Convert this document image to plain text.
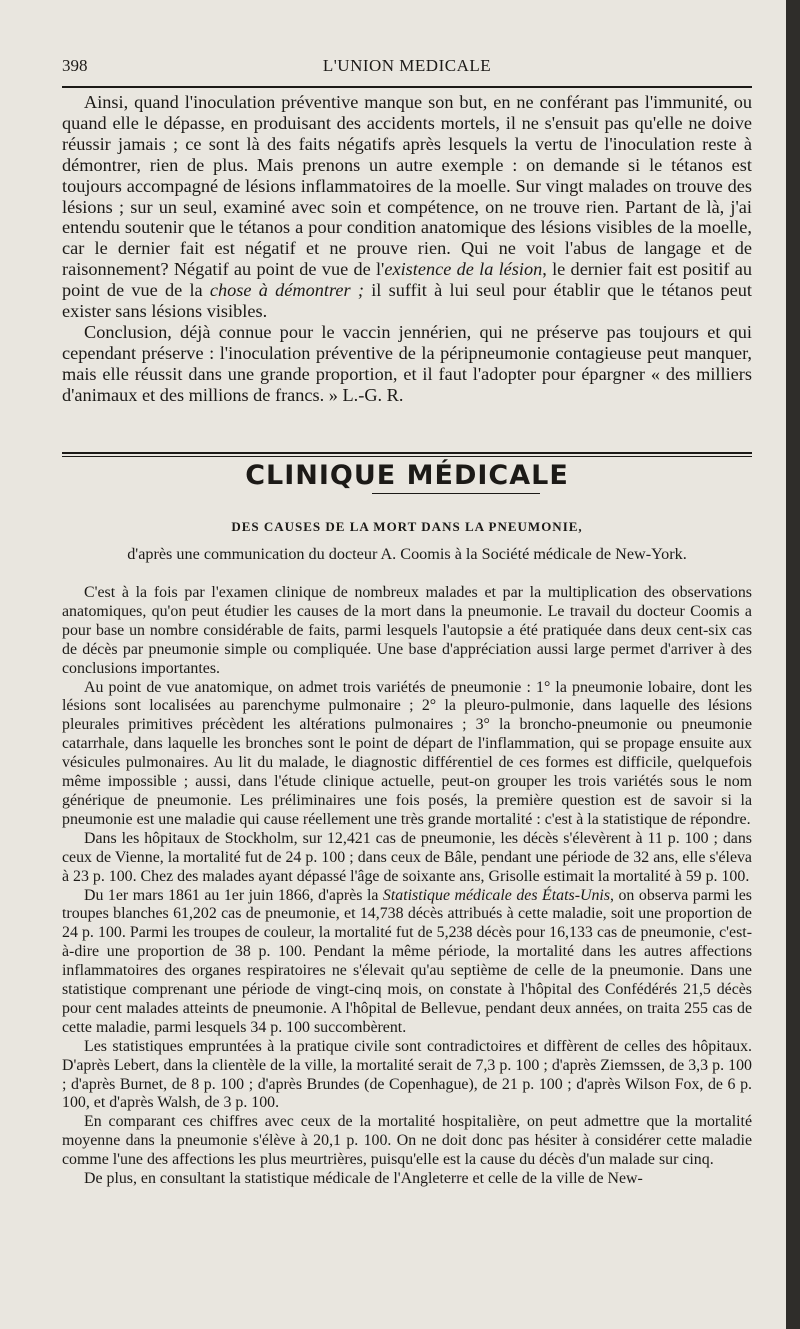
398	L'UNION MEDICALE

Ainsi, quand l'inoculation préventive manque son but, en ne conférant pas l'immunité, ou quand elle le dépasse, en produisant des accidents mortels, il ne s'ensuit pas qu'elle ne doive réussir jamais ; ce sont là des faits négatifs après lesquels la vertu de l'inoculation reste à démontrer, rien de plus. Mais prenons un autre exemple : on demande si le tétanos est toujours accompagné de lésions inflammatoires de la moelle. Sur vingt malades on trouve des lésions ; sur un seul, examiné avec soin et compétence, on ne trouve rien. Partant de là, j'ai entendu soutenir que le tétanos a pour condition anatomique des lésions visibles de la moelle, car le dernier fait est négatif et ne prouve rien. Qui ne voit l'abus de langage et de raisonnement? Négatif au point de vue de l'existence de la lésion, le dernier fait est positif au point de vue de la chose à démontrer ; il suffit à lui seul pour établir que le tétanos peut exister sans lésions visibles.

Conclusion, déjà connue pour le vaccin jennérien, qui ne préserve pas toujours et qui cependant préserve : l'inoculation préventive de la péripneumonie contagieuse peut manquer, mais elle réussit dans une grande proportion, et il faut l'adopter pour épargner « des milliers d'animaux et des millions de francs. » L.-G. R.

CLINIQUE MÉDICALE
DES CAUSES DE LA MORT DANS LA PNEUMONIE,
d'après une communication du docteur A. Coomis à la Société médicale de New-York.

C'est à la fois par l'examen clinique de nombreux malades et par la multiplication des observations anatomiques, qu'on peut étudier les causes de la mort dans la pneumonie. Le travail du docteur Coomis a pour base un nombre considérable de faits, parmi lesquels l'autopsie a été pratiquée dans deux cent-six cas de décès par pneumonie simple ou compliquée. Une base d'appréciation aussi large permet d'arriver à des conclusions importantes.

Au point de vue anatomique, on admet trois variétés de pneumonie : 1° la pneumonie lobaire, dont les lésions sont localisées au parenchyme pulmonaire ; 2° la pleuro-pulmonie, dans laquelle des lésions pleurales primitives précèdent les altérations pulmonaires ; 3° la broncho-pneumonie ou pneumonie catarrhale, dans laquelle les bronches sont le point de départ de l'inflammation, qui se propage ensuite aux vésicules pulmonaires. Au lit du malade, le diagnostic différentiel de ces formes est difficile, quelquefois même impossible ; aussi, dans l'étude clinique actuelle, peut-on grouper les trois variétés sous le nom générique de pneumonie. Les préliminaires une fois posés, la première question est de savoir si la pneumonie est une maladie qui cause réellement une très grande mortalité : c'est à la statistique de répondre.

Dans les hôpitaux de Stockholm, sur 12,421 cas de pneumonie, les décès s'élevèrent à 11 p. 100 ; dans ceux de Vienne, la mortalité fut de 24 p. 100 ; dans ceux de Bâle, pendant une période de 32 ans, elle s'éleva à 23 p. 100. Chez des malades ayant dépassé l'âge de soixante ans, Grisolle estimait la mortalité à 59 p. 100.

Du 1er mars 1861 au 1er juin 1866, d'après la Statistique médicale des États-Unis, on observa parmi les troupes blanches 61,202 cas de pneumonie, et 14,738 décès attribués à cette maladie, soit une proportion de 24 p. 100. Parmi les troupes de couleur, la mortalité fut de 5,238 décès pour 16,133 cas de pneumonie, c'est-à-dire une proportion de 38 p. 100. Pendant la même période, la mortalité dans les autres affections inflammatoires des organes respiratoires ne s'élevait qu'au septième de celle de la pneumonie. Dans une statistique comprenant une période de vingt-cinq mois, on constate à l'hôpital des Confédérés 21,5 décès pour cent malades atteints de pneumonie. A l'hôpital de Bellevue, pendant deux années, on traita 255 cas de cette maladie, parmi lesquels 34 p. 100 succombèrent.

Les statistiques empruntées à la pratique civile sont contradictoires et diffèrent de celles des hôpitaux. D'après Lebert, dans la clientèle de la ville, la mortalité serait de 7,3 p. 100 ; d'après Ziemssen, de 3,3 p. 100 ; d'après Burnet, de 8 p. 100 ; d'après Brundes (de Copenhague), de 21 p. 100 ; d'après Wilson Fox, de 6 p. 100, et d'après Walsh, de 3 p. 100.

En comparant ces chiffres avec ceux de la mortalité hospitalière, on peut admettre que la mortalité moyenne dans la pneumonie s'élève à 20,1 p. 100. On ne doit donc pas hésiter à considérer cette maladie comme l'une des affections les plus meurtrières, puisqu'elle est la cause du décès d'un malade sur cinq.

De plus, en consultant la statistique médicale de l'Angleterre et celle de la ville de New-
